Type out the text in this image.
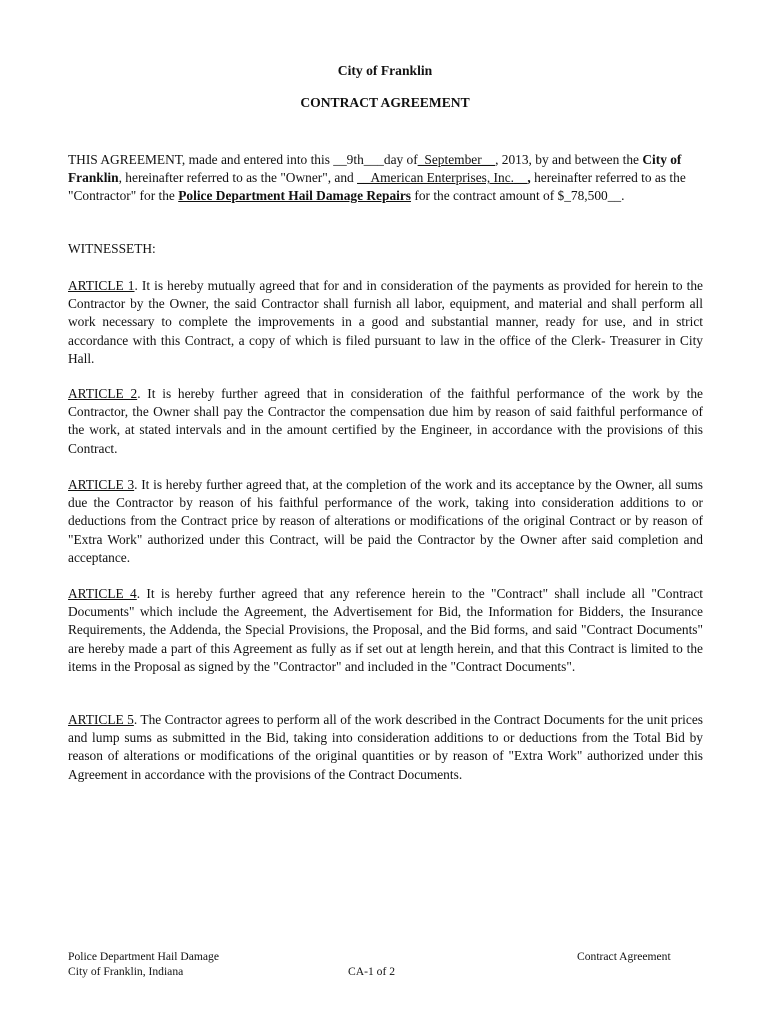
City of Franklin
CONTRACT AGREEMENT

THIS AGREEMENT, made and entered into this __9th___day of_September__, 2013, by and between the City of Franklin, hereinafter referred to as the "Owner", and __American Enterprises, Inc.__, hereinafter referred to as the "Contractor" for the Police Department Hail Damage Repairs for the contract amount of $_78,500__.

WITNESSETH:

ARTICLE 1. It is hereby mutually agreed that for and in consideration of the payments as provided for herein to the Contractor by the Owner, the said Contractor shall furnish all labor, equipment, and material and shall perform all work necessary to complete the improvements in a good and substantial manner, ready for use, and in strict accordance with this Contract, a copy of which is filed pursuant to law in the office of the Clerk- Treasurer in City Hall.

ARTICLE 2. It is hereby further agreed that in consideration of the faithful performance of the work by the Contractor, the Owner shall pay the Contractor the compensation due him by reason of said faithful performance of the work, at stated intervals and in the amount certified by the Engineer, in accordance with the provisions of this Contract.

ARTICLE 3. It is hereby further agreed that, at the completion of the work and its acceptance by the Owner, all sums due the Contractor by reason of his faithful performance of the work, taking into consideration additions to or deductions from the Contract price by reason of alterations or modifications of the original Contract or by reason of "Extra Work" authorized under this Contract, will be paid the Contractor by the Owner after said completion and acceptance.

ARTICLE 4. It is hereby further agreed that any reference herein to the "Contract" shall include all "Contract Documents" which include the Agreement, the Advertisement for Bid, the Information for Bidders, the Insurance Requirements, the Addenda, the Special Provisions, the Proposal, and the Bid forms, and said "Contract Documents" are hereby made a part of this Agreement as fully as if set out at length herein, and that this Contract is limited to the items in the Proposal as signed by the "Contractor" and included in the "Contract Documents".

ARTICLE 5. The Contractor agrees to perform all of the work described in the Contract Documents for the unit prices and lump sums as submitted in the Bid, taking into consideration additions to or deductions from the Total Bid by reason of alterations or modifications of the original quantities or by reason of "Extra Work" authorized under this Agreement in accordance with the provisions of the Contract Documents.

Police Department Hail Damage
City of Franklin, Indiana
Contract Agreement
CA-1 of 2
